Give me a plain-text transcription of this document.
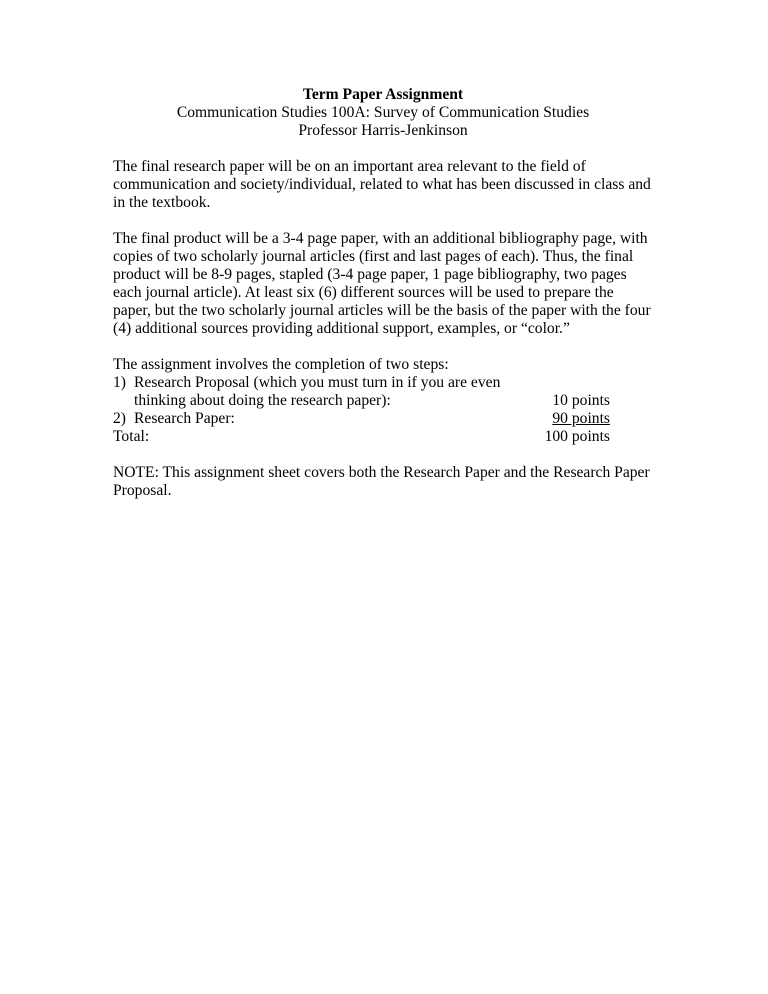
Term Paper Assignment
Communication Studies 100A: Survey of Communication Studies
Professor Harris-Jenkinson

The final research paper will be on an important area relevant to the field of communication and society/individual, related to what has been discussed in class and in the textbook.

The final product will be a 3-4 page paper, with an additional bibliography page, with copies of two scholarly journal articles (first and last pages of each). Thus, the final product will be 8-9 pages, stapled (3-4 page paper, 1 page bibliography, two pages each journal article). At least six (6) different sources will be used to prepare the paper, but the two scholarly journal articles will be the basis of the paper with the four (4) additional sources providing additional support, examples, or “color.”

The assignment involves the completion of two steps:
1) Research Proposal (which you must turn in if you are even
thinking about doing the research paper):	10 points
2) Research Paper:	90 points
Total:	100 points

NOTE: This assignment sheet covers both the Research Paper and the Research Paper Proposal.
